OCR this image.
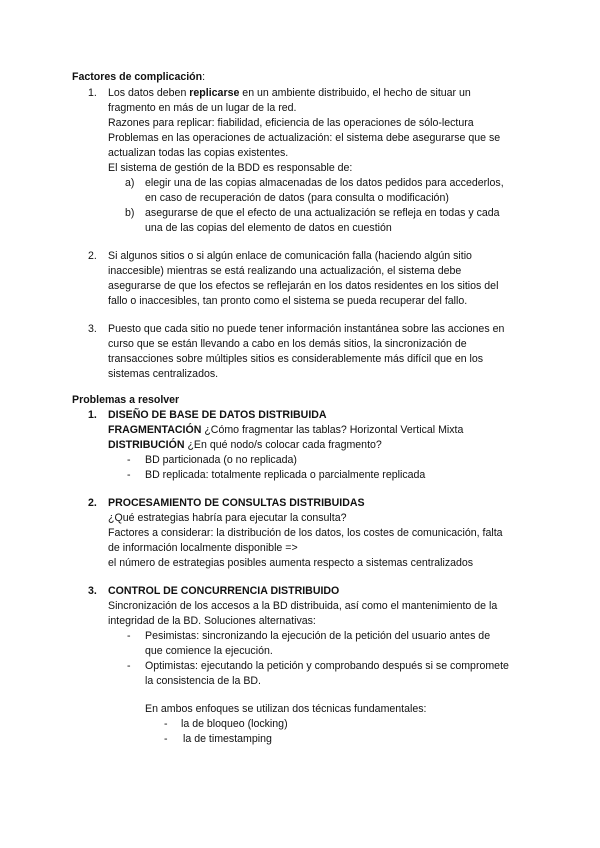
Factores de complicación:
1. Los datos deben replicarse en un ambiente distribuido, el hecho de situar un
fragmento en más de un lugar de la red.
Razones para replicar: fiabilidad, eficiencia de las operaciones de sólo-lectura
Problemas en las operaciones de actualización: el sistema debe asegurarse que se
actualizan todas las copias existentes.
El sistema de gestión de la BDD es responsable de:
a) elegir una de las copias almacenadas de los datos pedidos para accederlos,
en caso de recuperación de datos (para consulta o modificación)
b) asegurarse de que el efecto de una actualización se refleja en todas y cada
una de las copias del elemento de datos en cuestión
2. Si algunos sitios o si algún enlace de comunicación falla (haciendo algún sitio
inaccesible) mientras se está realizando una actualización, el sistema debe
asegurarse de que los efectos se reflejarán en los datos residentes en los sitios del
fallo o inaccesibles, tan pronto como el sistema se pueda recuperar del fallo.
3. Puesto que cada sitio no puede tener información instantánea sobre las acciones en
curso que se están llevando a cabo en los demás sitios, la sincronización de
transacciones sobre múltiples sitios es considerablemente más difícil que en los
sistemas centralizados.
Problemas a resolver
1. DISEÑO DE BASE DE DATOS DISTRIBUIDA
FRAGMENTACIÓN ¿Cómo fragmentar las tablas? Horizontal Vertical Mixta
DISTRIBUCIÓN ¿En qué nodo/s colocar cada fragmento?
- BD particionada (o no replicada)
- BD replicada: totalmente replicada o parcialmente replicada
2. PROCESAMIENTO DE CONSULTAS DISTRIBUIDAS
¿Qué estrategias habría para ejecutar la consulta?
Factores a considerar: la distribución de los datos, los costes de comunicación, falta
de información localmente disponible =>
el número de estrategias posibles aumenta respecto a sistemas centralizados
3. CONTROL DE CONCURRENCIA DISTRIBUIDO
Sincronización de los accesos a la BD distribuida, así como el mantenimiento de la
integridad de la BD. Soluciones alternativas:
- Pesimistas: sincronizando la ejecución de la petición del usuario antes de
que comience la ejecución.
- Optimistas: ejecutando la petición y comprobando después si se compromete
la consistencia de la BD.
En ambos enfoques se utilizan dos técnicas fundamentales:
- la de bloqueo (locking)
- la de timestamping
